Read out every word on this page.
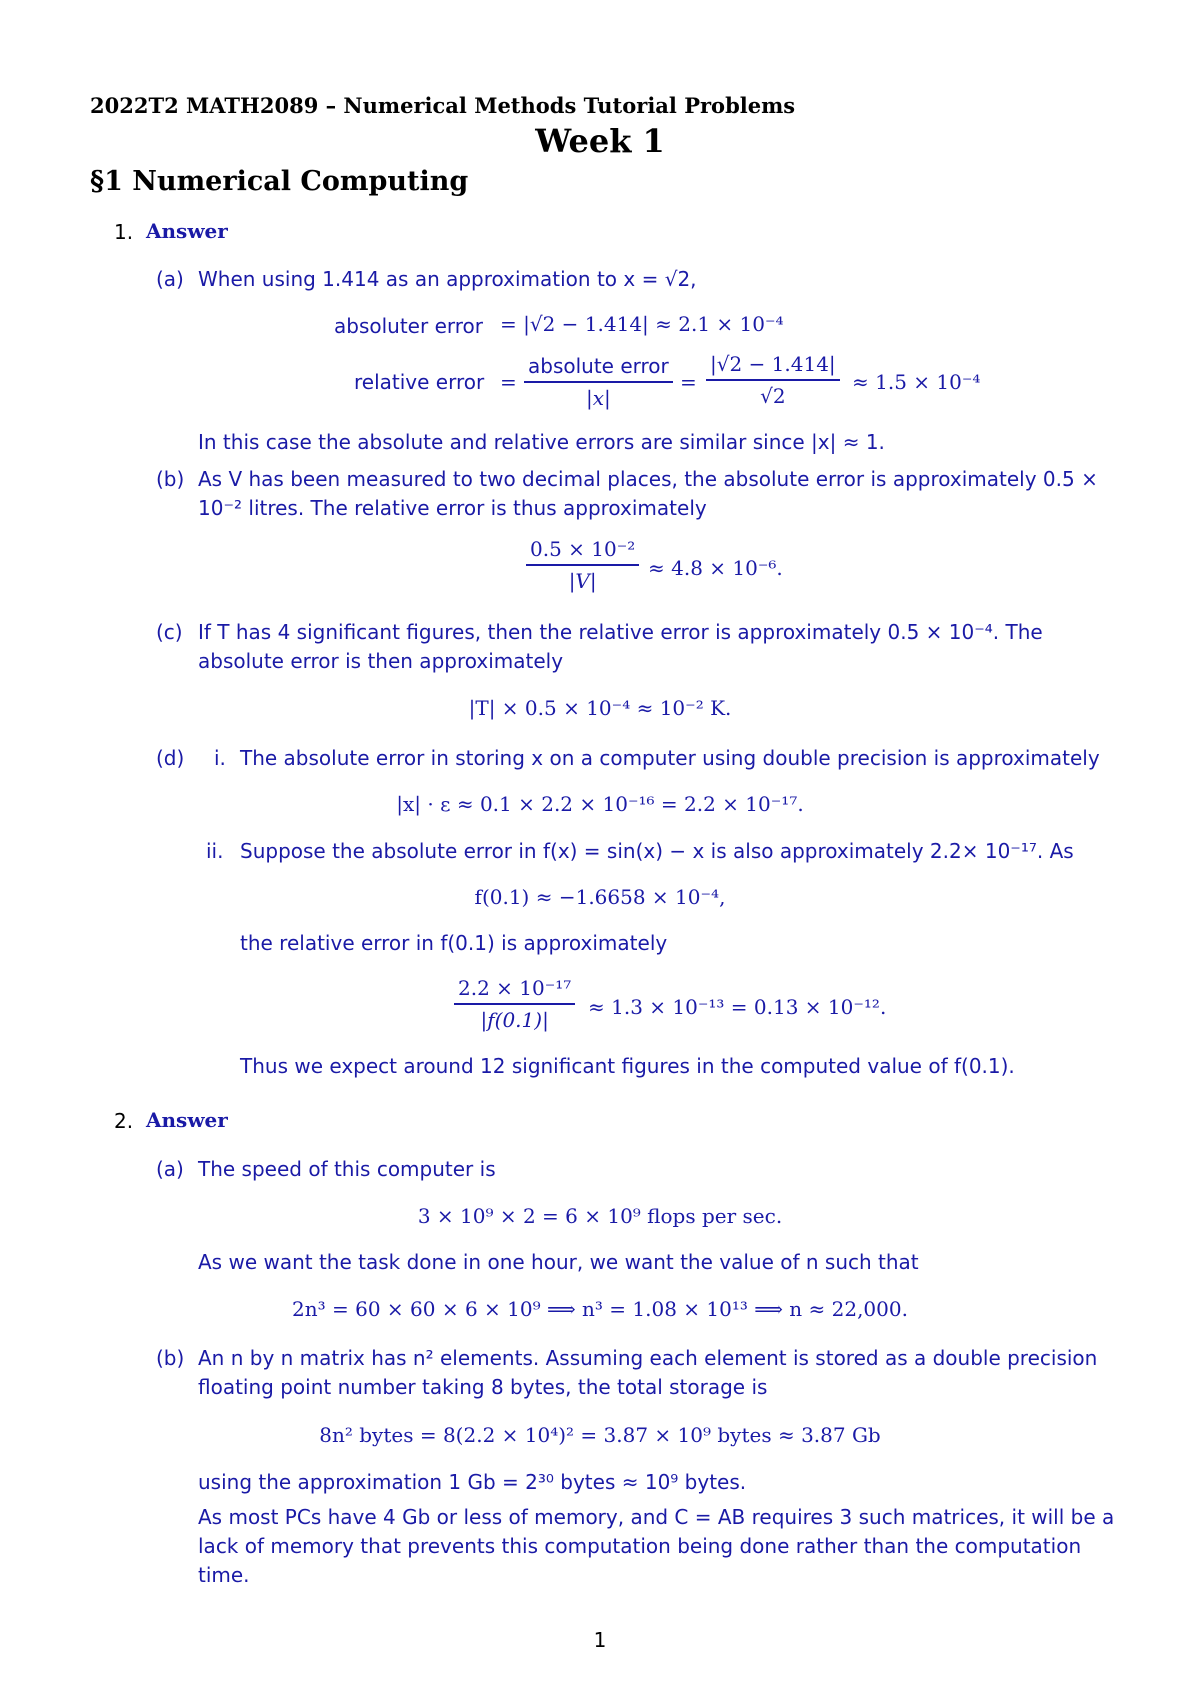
2022T2 MATH2089 – Numerical Methods Tutorial Problems
Week 1
§1 Numerical Computing
1. Answer
(a) When using 1.414 as an approximation to x = √2,
absoluter error = |√2 − 1.414| ≈ 2.1 × 10⁻⁴
relative error =
absolute error
|x|
= $\frac{|√2 - 1.414|}{√2} \approx 1.5 \times 10^{-4}$
In this case the absolute and relative errors are similar since |x| ≈ 1.
(b) As V has been measured to two decimal places, the absolute error is approximately 0.5 ×
10⁻² litres. The relative error is thus approximately
$\frac{\text{0.5 × 10⁻²}}{|V|} \approx 4.8 \times 10^{-6}$.
(c) If T has 4 significant figures, then the relative error is approximately 0.5 × 10⁻⁴. The
absolute error is then approximately
|T| × 0.5 × 10⁻⁴ ≈ 10⁻² K.
(d) i. The absolute error in storing x on a computer using double precision is approximately
|x| · ε ≈ 0.1 × 2.2 × 10⁻¹⁶ = 2.2 × 10⁻¹⁷.
ii. Suppose the absolute error in f(x) = sin(x) − x is also approximately 2.2× 10⁻¹⁷. As
f(0.1) ≈ −1.6658 × 10⁻⁴,
the relative error in f(0.1) is approximately
$\frac{\text{2.2 × 10⁻¹⁷}}{|f(0.1)|} \approx 1.3 \times 10^{-13} = 0.13 \times 10^{-12}$.
Thus we expect around 12 significant figures in the computed value of f(0.1).
2. Answer
(a) The speed of this computer is
3 × 10⁹ × 2 = 6 × 10⁹ flops per sec.
As we want the task done in one hour, we want the value of n such that
2n³ = 60 × 60 × 6 × 10⁹ ⟹ n³ = 1.08 × 10¹³ ⟹ n ≈ 22,000.
(b) An n by n matrix has n² elements. Assuming each element is stored as a double precision
floating point number taking 8 bytes, the total storage is
8n² bytes = 8(2.2 × 10⁴)² = 3.87 × 10⁹ bytes ≈ 3.87 Gb
using the approximation 1 Gb = 2³⁰ bytes ≈ 10⁹ bytes.
As most PCs have 4 Gb or less of memory, and C = AB requires 3 such matrices, it will be a lack of memory that prevents this computation being done rather than the computation time.
1
